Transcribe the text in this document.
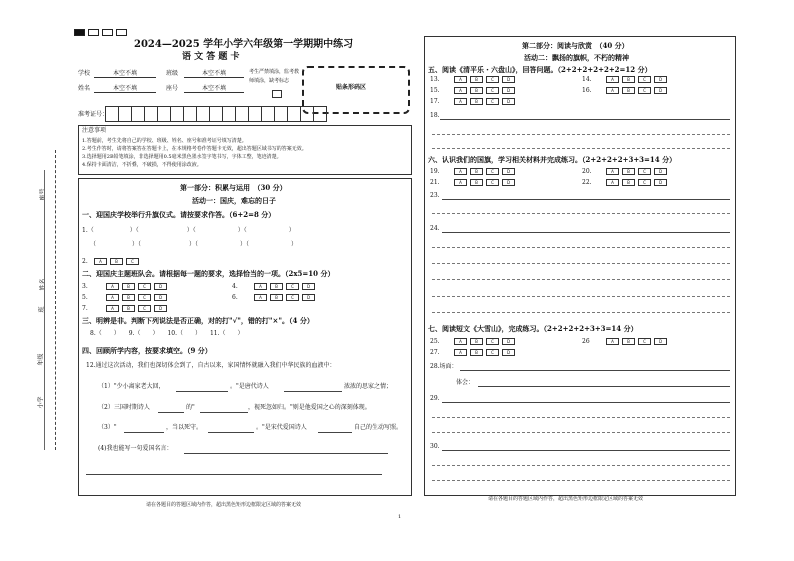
座号
姓名
班
年级
小学
2024—2025 学年小学六年级第一学期期中练习
语 文 答 题 卡
学校	本空不填	班级	本空不填
姓名	本空不填	座号	本空不填
考生严禁填涂，监考教师填涂，缺考标志
贴条形码区
准考证号：
注意事项
1.答题前，考生先将自己的学校、班级、姓名、座号和准考证号填写清楚。
2.考生作答时，请将答案答在答题卡上，在本规格考卷作答题卡无效，超出答题区域书写的答案无效。
3.选择题用2B铅笔填涂，非选择题用0.5毫米黑色墨水签字笔书写，字体工整，笔迹清楚。
4.保持卡面清洁，不折叠，不破损，不得使用涂改液。
第一部分：积累与运用　（30 分）
活动一：国庆，难忘的日子
一、迎国庆学校举行升旗仪式。请按要求作答。（6+2=8 分）
1.（　　　　　　）（　　　　　　　　）（　　　　　　　）（　　　　　　　）
（　　　　　　）（　　　　　　　　）（　　　　　　　）（　　　　　　　）
2.	A	B	C
二、迎国庆主题班队会。请根据每一题的要求，选择恰当的一项。（2x5=10 分）
3.	A	B	C	D	4.	A	B	C	D
5.	A	B	C	D	6.	A	B	C	D
7.	A	B	C	D
三、明辨是非。判断下列说法是否正确，对的打"√"，错的打"×"。（4 分）
8.（　　）　　9.（　　）　　10.（　　）　　11.（　　）
四、回顾所学内容，按要求填空。（9 分）
12.通过这次活动，我们也深切体会到了，自古以来，家国情怀就融入我们中华民族的血液中：
（1）"少小离家老大回，	。"是唐代诗人	浓浓的思家之情；
（2）三国时期诗人	的"	，视死忽如归。"则是他爱国之心的深刻体现。
（3）"	，当以死守。	。"是宋代爱国诗人	自己的生动写照。
(4)我也能写一句爱国名言：
请在各题目的答题区域内作答，超出黑色矩形边框限定区域的答案无效
第二部分：阅读与欣赏　（40 分）
活动二：飘扬的旗帜，不朽的精神
五、阅读《清平乐・六盘山》，回答问题。（2+2+2+2+2+2=12 分）
13.	A	B	C	D	14.	A	B	C	D
15.	A	B	C	D	16.	A	B	C	D
17.	A	B	C	D
18.
六、认识我们的国旗，学习相关材料并完成练习。（2+2+2+2+3+3=14 分）
19.	A	B	C	D	20.	A	B	C	D
21.	A	B	C	D	22.	A	B	C	D
23.
24.
七、阅读短文《大雪山》，完成练习。（2+2+2+2+3+3=14 分）
25.	A	B	C	D	26	A	B	C	D
27.	A	B	C	D
28.场面：
体会：
29.
30.
请在各题目的答题区域内作答，超出黑色矩形边框限定区域的答案无效
1
